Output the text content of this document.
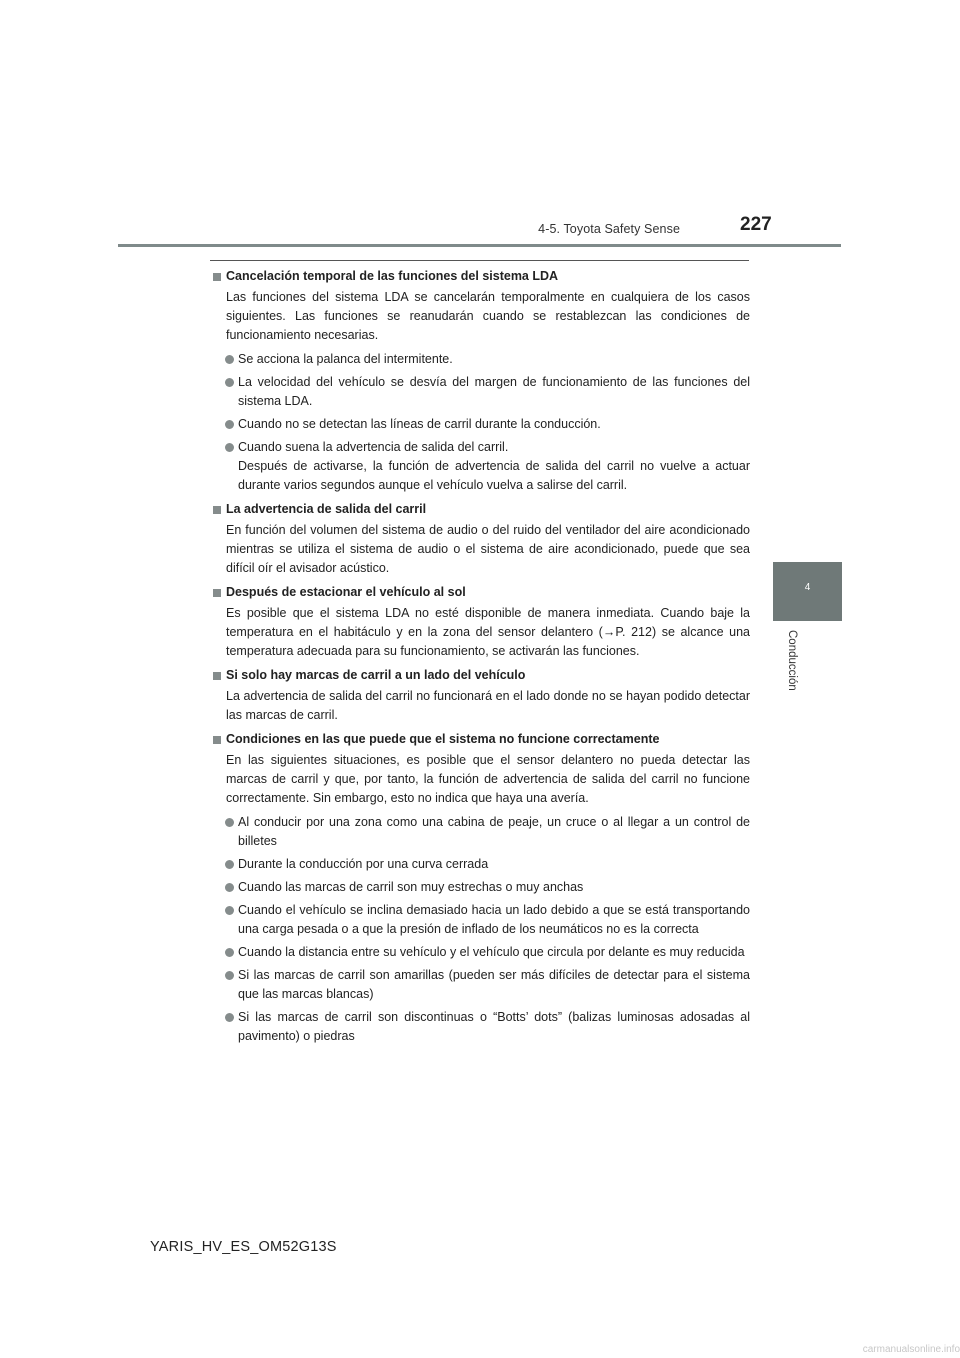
4-5. Toyota Safety Sense	227
4
Conducción
Cancelación temporal de las funciones del sistema LDA

Las funciones del sistema LDA se cancelarán temporalmente en cualquiera de los casos siguientes. Las funciones se reanudarán cuando se restablezcan las condiciones de funcionamiento necesarias.

Se acciona la palanca del intermitente.
La velocidad del vehículo se desvía del margen de funcionamiento de las funciones del sistema LDA.
Cuando no se detectan las líneas de carril durante la conducción.
Cuando suena la advertencia de salida del carril.
Después de activarse, la función de advertencia de salida del carril no vuelve a actuar durante varios segundos aunque el vehículo vuelva a salirse del carril.
La advertencia de salida del carril

En función del volumen del sistema de audio o del ruido del ventilador del aire acondicionado mientras se utiliza el sistema de audio o el sistema de aire acondicionado, puede que sea difícil oír el avisador acústico.

Después de estacionar el vehículo al sol

Es posible que el sistema LDA no esté disponible de manera inmediata. Cuando baje la temperatura en el habitáculo y en la zona del sensor delantero (→P. 212) se alcance una temperatura adecuada para su funcionamiento, se activarán las funciones.

Si solo hay marcas de carril a un lado del vehículo

La advertencia de salida del carril no funcionará en el lado donde no se hayan podido detectar las marcas de carril.

Condiciones en las que puede que el sistema no funcione correctamente

En las siguientes situaciones, es posible que el sensor delantero no pueda detectar las marcas de carril y que, por tanto, la función de advertencia de salida del carril no funcione correctamente. Sin embargo, esto no indica que haya una avería.

Al conducir por una zona como una cabina de peaje, un cruce o al llegar a un control de billetes
Durante la conducción por una curva cerrada
Cuando las marcas de carril son muy estrechas o muy anchas
Cuando el vehículo se inclina demasiado hacia un lado debido a que se está transportando una carga pesada o a que la presión de inflado de los neumáticos no es la correcta
Cuando la distancia entre su vehículo y el vehículo que circula por delante es muy reducida
Si las marcas de carril son amarillas (pueden ser más difíciles de detectar para el sistema que las marcas blancas)
Si las marcas de carril son discontinuas o “Botts’ dots” (balizas luminosas adosadas al pavimento) o piedras
YARIS_HV_ES_OM52G13S
carmanualsonline.info
